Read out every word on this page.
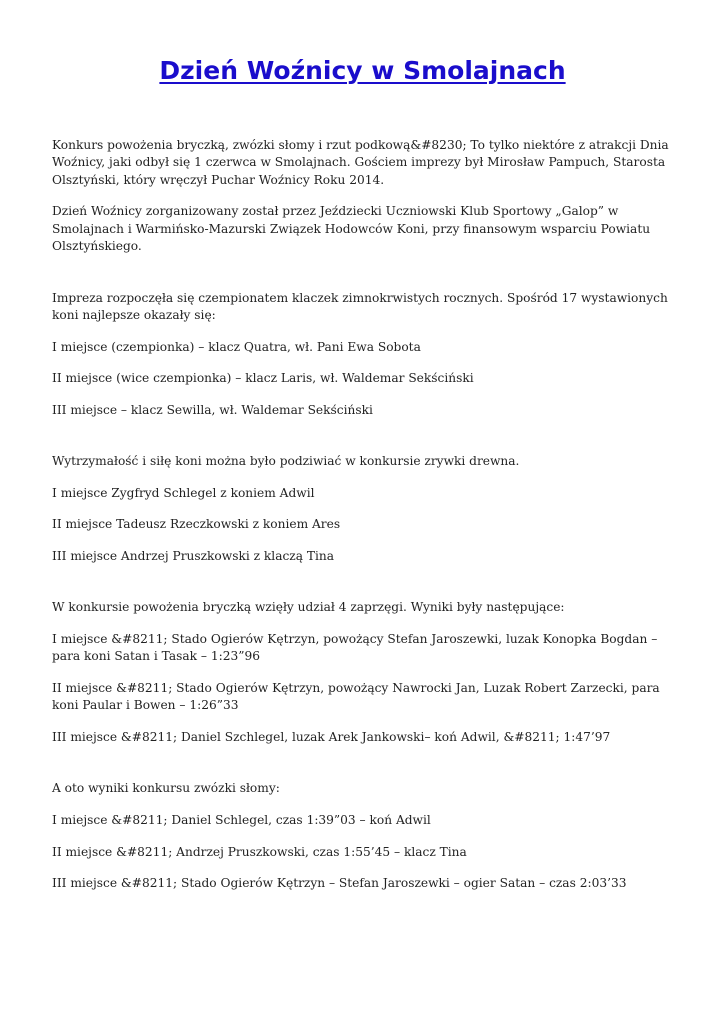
Dzień Woźnicy w Smolajnach

Konkurs powożenia bryczką, zwózki słomy i rzut podkową&#8230; To tylko niektóre z atrakcji Dnia Woźnicy, jaki odbył się 1 czerwca w Smolajnach. Gościem imprezy był Mirosław Pampuch, Starosta Olsztyński, który wręczył Puchar Woźnicy Roku 2014.

Dzień Woźnicy zorganizowany został przez Jeździecki Uczniowski Klub Sportowy „Galop” w Smolajnach i Warmińsko-Mazurski Związek Hodowców Koni, przy finansowym wsparciu Powiatu Olsztyńskiego.

Impreza rozpoczęła się czempionatem klaczek zimnokrwistych rocznych. Spośród 17 wystawionych koni najlepsze okazały się:

I miejsce (czempionka) – klacz Quatra, wł. Pani Ewa Sobota

II miejsce (wice czempionka) – klacz Laris, wł. Waldemar Sekściński

III miejsce – klacz Sewilla, wł. Waldemar Sekściński

Wytrzymałość i siłę koni można było podziwiać w konkursie zrywki drewna.

I miejsce Zygfryd Schlegel z koniem Adwil

II miejsce Tadeusz Rzeczkowski z koniem Ares

III miejsce Andrzej Pruszkowski z klaczą Tina

W konkursie powożenia bryczką wzięły udział 4 zaprzęgi. Wyniki były następujące:

I miejsce &#8211; Stado Ogierów Kętrzyn, powożący Stefan Jaroszewki, luzak Konopka Bogdan – para koni Satan i Tasak – 1:23”96

II miejsce &#8211; Stado Ogierów Kętrzyn, powożący Nawrocki Jan, Luzak Robert Zarzecki, para koni Paular i Bowen – 1:26”33

III miejsce &#8211; Daniel Szchlegel, luzak Arek Jankowski– koń Adwil, &#8211; 1:47’97

A oto wyniki konkursu zwózki słomy:

I miejsce &#8211; Daniel Schlegel, czas 1:39”03 – koń Adwil

II miejsce &#8211; Andrzej Pruszkowski, czas 1:55’45 – klacz Tina

III miejsce &#8211; Stado Ogierów Kętrzyn – Stefan Jaroszewki – ogier Satan – czas 2:03’33
